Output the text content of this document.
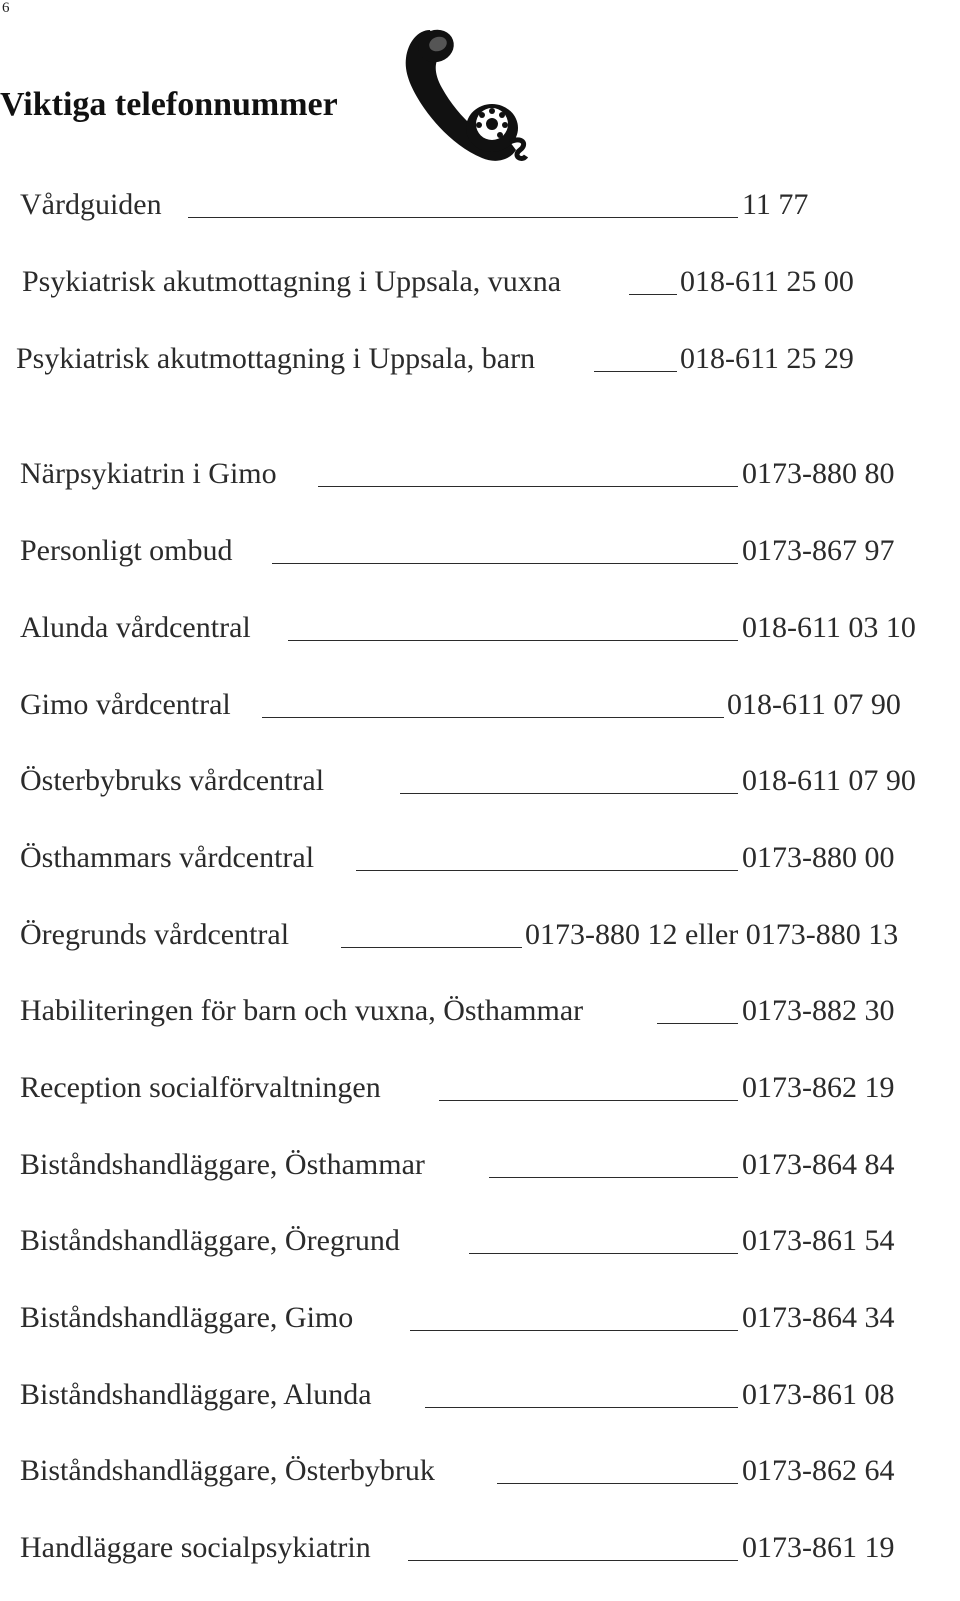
6
Viktiga telefonnummer
Vårdguiden	11 77
Psykiatrisk akutmottagning i Uppsala, vuxna	018-611 25 00
Psykiatrisk akutmottagning i Uppsala, barn	018-611 25 29
Närpsykiatrin i Gimo	0173-880 80
Personligt ombud	0173-867 97
Alunda vårdcentral	018-611 03 10
Gimo vårdcentral	018-611 07 90
Österbybruks vårdcentral	018-611 07 90
Östhammars vårdcentral	0173-880 00
Öregrunds vårdcentral	0173-880 12 eller 0173-880 13
Habiliteringen för barn och vuxna, Östhammar	0173-882 30
Reception socialförvaltningen	0173-862 19
Biståndshandläggare, Östhammar	0173-864 84
Biståndshandläggare, Öregrund	0173-861 54
Biståndshandläggare, Gimo	0173-864 34
Biståndshandläggare, Alunda	0173-861 08
Biståndshandläggare, Österbybruk	0173-862 64
Handläggare socialpsykiatrin	0173-861 19
